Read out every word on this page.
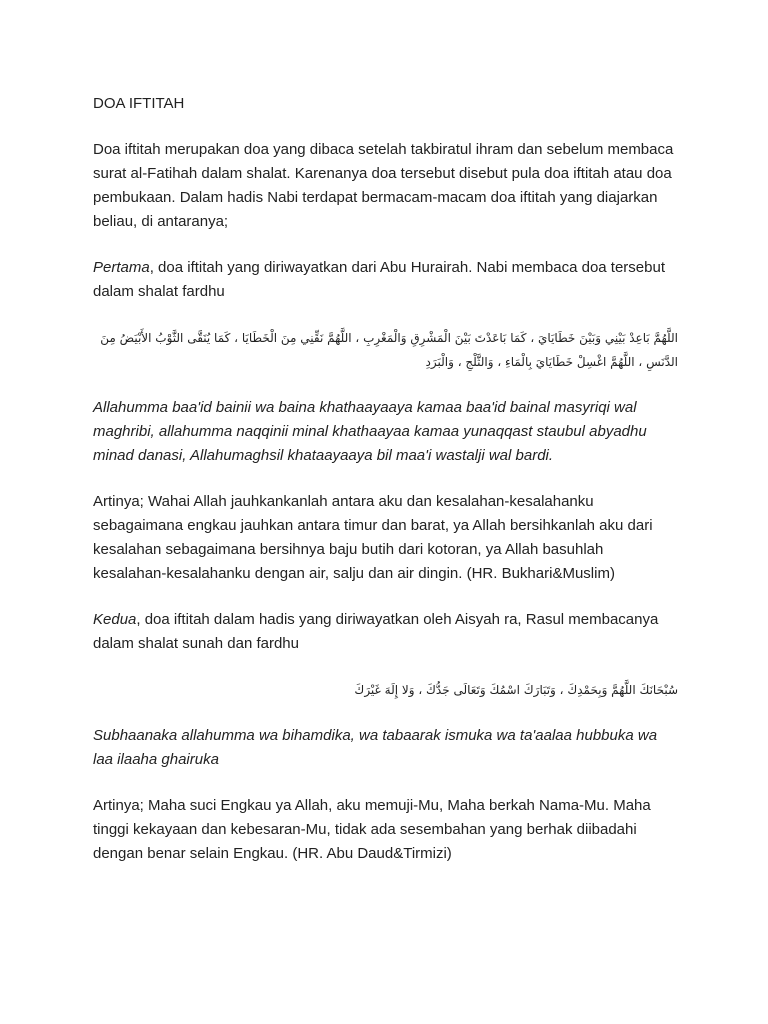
DOA IFTITAH

Doa iftitah merupakan doa yang dibaca setelah takbiratul ihram dan sebelum membaca surat al-Fatihah dalam shalat. Karenanya doa tersebut disebut pula doa iftitah atau doa pembukaan. Dalam hadis Nabi terdapat bermacam-macam doa iftitah yang diajarkan beliau, di antaranya;

Pertama, doa iftitah yang diriwayatkan dari Abu Hurairah. Nabi membaca doa tersebut dalam shalat fardhu

اللَّهُمَّ بَاعِدْ بَيْنِي وَبَيْنَ خَطَايَايَ ، كَمَا بَاعَدْتَ بَيْنَ الْمَشْرِقِ وَالْمَغْرِبِ ، اللَّهُمَّ نَقِّنِي مِنَ الْخَطَايَا ، كَمَا يُنَقَّى الثَّوْبُ الأَبْيَضُ مِنَ الدَّنَسِ ، اللَّهُمَّ اغْسِلْ خَطَايَايَ بِالْمَاءِ ، وَالثَّلْجِ ، وَالْبَرَدِ

Allahumma baa'id bainii wa baina khathaayaaya kamaa baa'id bainal masyriqi wal maghribi, allahumma naqqinii minal khathaayaa kamaa yunaqqast staubul abyadhu minad danasi, Allahumaghsil khataayaaya bil maa'i wastalji wal bardi.

Artinya; Wahai Allah jauhkankanlah antara aku dan kesalahan-kesalahanku sebagaimana engkau jauhkan antara timur dan barat, ya Allah bersihkanlah aku dari kesalahan sebagaimana bersihnya baju butih dari kotoran, ya Allah basuhlah kesalahan-kesalahanku dengan air, salju dan air dingin. (HR. Bukhari&Muslim)

Kedua, doa iftitah dalam hadis yang diriwayatkan oleh Aisyah ra, Rasul membacanya dalam shalat sunah dan fardhu

سُبْحَانَكَ اللَّهُمَّ وَبِحَمْدِكَ ، وَتَبَارَكَ اسْمُكَ وَتَعَالَى جَدُّكَ ، وَلا إِلَهَ غَيْرَكَ

Subhaanaka allahumma wa bihamdika, wa tabaarak ismuka wa ta'aalaa hubbuka wa laa ilaaha ghairuka

Artinya; Maha suci Engkau ya Allah, aku memuji-Mu, Maha berkah Nama-Mu. Maha tinggi kekayaan dan kebesaran-Mu, tidak ada sesembahan yang berhak diibadahi dengan benar selain Engkau. (HR. Abu Daud&Tirmizi)
